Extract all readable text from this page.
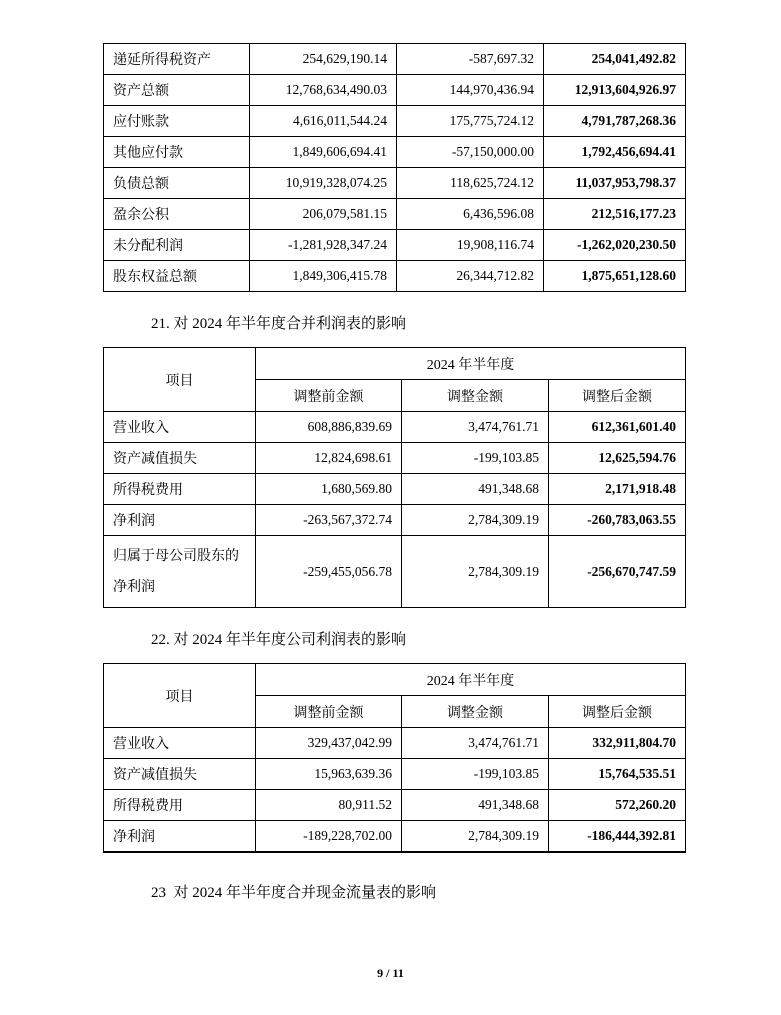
递延所得税资产	254,629,190.14	-587,697.32	254,041,492.82
资产总额	12,768,634,490.03	144,970,436.94	12,913,604,926.97
应付账款	4,616,011,544.24	175,775,724.12	4,791,787,268.36
其他应付款	1,849,606,694.41	-57,150,000.00	1,792,456,694.41
负债总额	10,919,328,074.25	118,625,724.12	11,037,953,798.37
盈余公积	206,079,581.15	6,436,596.08	212,516,177.23
未分配利润	-1,281,928,347.24	19,908,116.74	-1,262,020,230.50
股东权益总额	1,849,306,415.78	26,344,712.82	1,875,651,128.60

21. 对 2024 年半年度合并利润表的影响

项目	2024 年半年度		
	调整前金额	调整金额	调整后金额
营业收入	608,886,839.69	3,474,761.71	612,361,601.40
资产减值损失	12,824,698.61	-199,103.85	12,625,594.76
所得税费用	1,680,569.80	491,348.68	2,171,918.48
净利润	-263,567,372.74	2,784,309.19	-260,783,063.55
归属于母公司股东的净利润	-259,455,056.78	2,784,309.19	-256,670,747.59

22. 对 2024 年半年度公司利润表的影响

项目	2024 年半年度		
	调整前金额	调整金额	调整后金额
营业收入	329,437,042.99	3,474,761.71	332,911,804.70
资产减值损失	15,963,639.36	-199,103.85	15,764,535.51
所得税费用	80,911.52	491,348.68	572,260.20
净利润	-189,228,702.00	2,784,309.19	-186,444,392.81

23  对 2024 年半年度合并现金流量表的影响

9 / 11
